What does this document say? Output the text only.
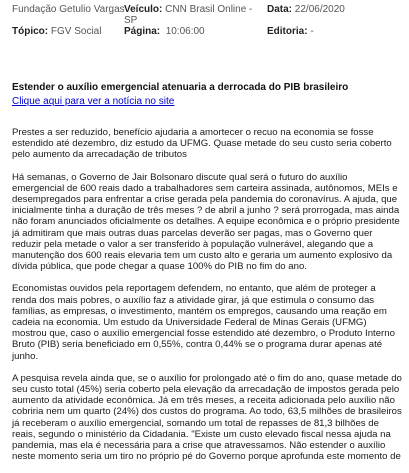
Fundação Getulio Vargas Veículo: CNN Brasil Online - SP
Data: 22/06/2020
Tópico: FGV Social Página: 10:06:00	Editoria: -
Estender o auxílio emergencial atenuaria a derrocada do PIB brasileiro
Clique aqui para ver a notícia no site

Prestes a ser reduzido, benefício ajudaria a amortecer o recuo na economia se fosse estendido até dezembro, diz estudo da UFMG. Quase metade do seu custo seria coberto pelo aumento da arrecadação de tributos

Há semanas, o Governo de Jair Bolsonaro discute qual será o futuro do auxílio emergencial de 600 reais dado a trabalhadores sem carteira assinada, autônomos, MEIs e desempregados para enfrentar a crise gerada pela pandemia do coronavírus. A ajuda, que inicialmente tinha a duração de três meses ? de abril a junho ? será prorrogada, mas ainda não foram anunciados oficialmente os detalhes. A equipe econômica e o próprio presidente já admitiram que mais outras duas parcelas deverão ser pagas, mas o Governo quer reduzir pela metade o valor a ser transferido à população vulnerável, alegando que a manutenção dos 600 reais elevaria tem um custo alto e geraria um aumento explosivo da dívida pública, que pode chegar a quase 100% do PIB no fim do ano.

Economistas ouvidos pela reportagem defendem, no entanto, que além de proteger a renda dos mais pobres, o auxílio faz a atividade girar, já que estimula o consumo das famílias, as empresas, o investimento, mantém os empregos, causando uma reação em cadeia na economia. Um estudo da Universidade Federal de Minas Gerais (UFMG) mostrou que, caso o auxílio emergencial fosse estendido até dezembro, o Produto Interno Bruto (PIB) seria beneficiado em 0,55%, contra 0,44% se o programa durar apenas até junho.

A pesquisa revela ainda que, se o auxílio for prolongado até o fim do ano, quase metade do seu custo total (45%) seria coberto pela elevação da arrecadação de impostos gerada pelo aumento da atividade econômica. Já em três meses, a receita adicionada pelo auxílio não cobriria nem um quarto (24%) dos custos do programa. Ao todo, 63,5 milhões de brasileiros já receberam o auxílio emergencial, somando um total de repasses de 81,3 bilhões de reais, segundo o ministério da Cidadania. "Existe um custo elevado fiscal nessa ajuda na pandemia, mas ela é necessária para a crise que atravessamos. Não estender o auxílio neste momento seria um tiro no próprio pé do Governo porque aprofunda este momento de
